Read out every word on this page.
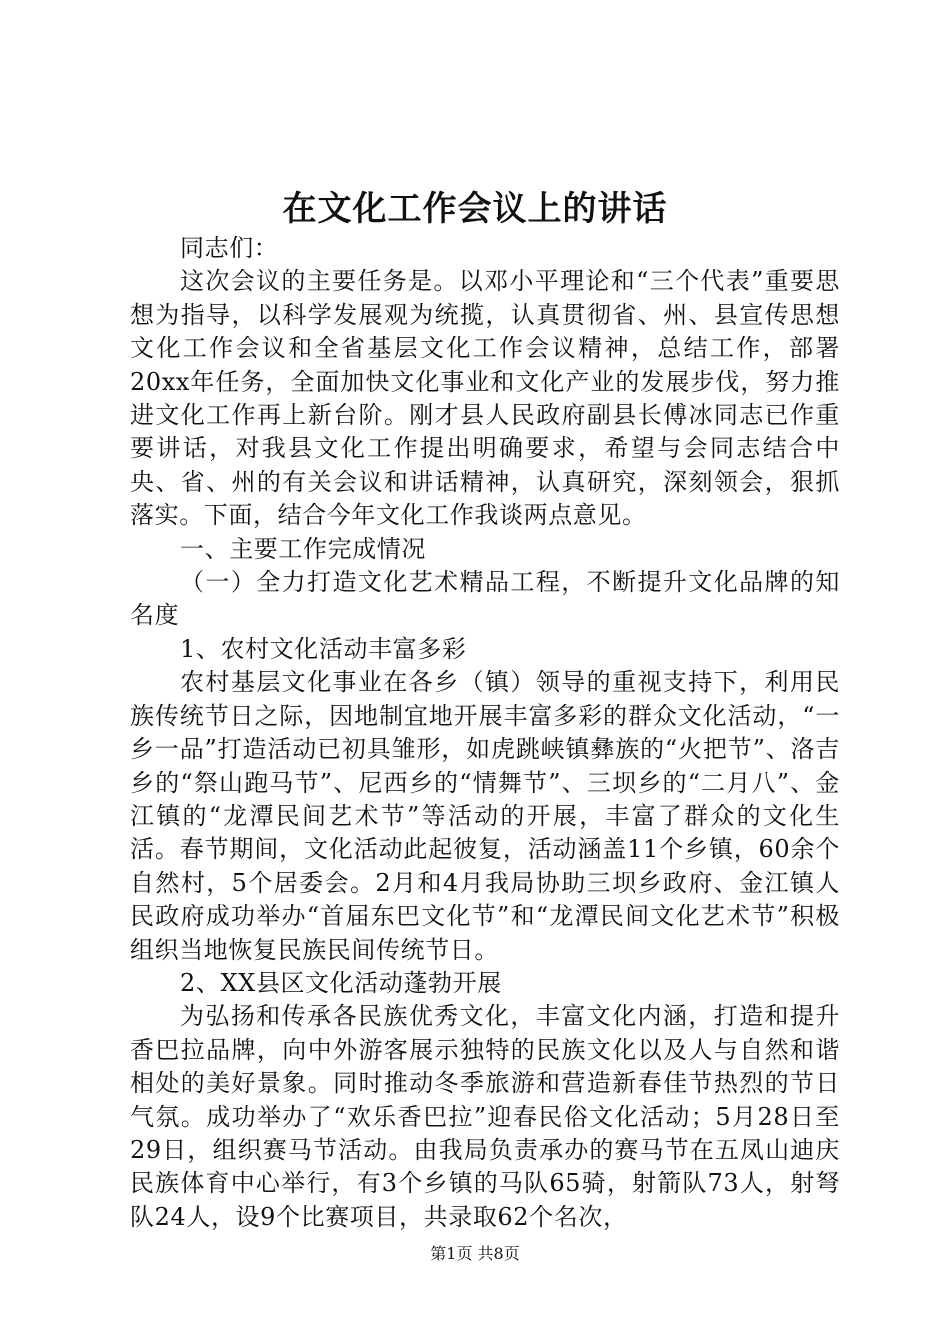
在文化工作会议上的讲话

同志们：

这次会议的主要任务是。以邓小平理论和“三个代表”重要思想为指导，以科学发展观为统揽，认真贯彻省、州、县宣传思想文化工作会议和全省基层文化工作会议精神，总结工作，部署20xx年任务，全面加快文化事业和文化产业的发展步伐，努力推进文化工作再上新台阶。刚才县人民政府副县长傅冰同志已作重要讲话，对我县文化工作提出明确要求，希望与会同志结合中央、省、州的有关会议和讲话精神，认真研究，深刻领会，狠抓落实。下面，结合今年文化工作我谈两点意见。

一、主要工作完成情况

（一）全力打造文化艺术精品工程，不断提升文化品牌的知名度

1、农村文化活动丰富多彩

农村基层文化事业在各乡（镇）领导的重视支持下，利用民族传统节日之际，因地制宜地开展丰富多彩的群众文化活动，“一乡一品”打造活动已初具雏形，如虎跳峡镇彝族的“火把节”、洛吉乡的“祭山跑马节”、尼西乡的“情舞节”、三坝乡的“二月八”、金江镇的“龙潭民间艺术节”等活动的开展，丰富了群众的文化生活。春节期间，文化活动此起彼复，活动涵盖11个乡镇，60余个自然村，5个居委会。2月和4月我局协助三坝乡政府、金江镇人民政府成功举办“首届东巴文化节”和“龙潭民间文化艺术节”积极组织当地恢复民族民间传统节日。

2、XX县区文化活动蓬勃开展

为弘扬和传承各民族优秀文化，丰富文化内涵，打造和提升香巴拉品牌，向中外游客展示独特的民族文化以及人与自然和谐相处的美好景象。同时推动冬季旅游和营造新春佳节热烈的节日气氛。成功举办了“欢乐香巴拉”迎春民俗文化活动；5月28日至29日，组织赛马节活动。由我局负责承办的赛马节在五凤山迪庆民族体育中心举行，有3个乡镇的马队65骑，射箭队73人，射弩队24人，设9个比赛项目，共录取62个名次，

第1页 共8页
